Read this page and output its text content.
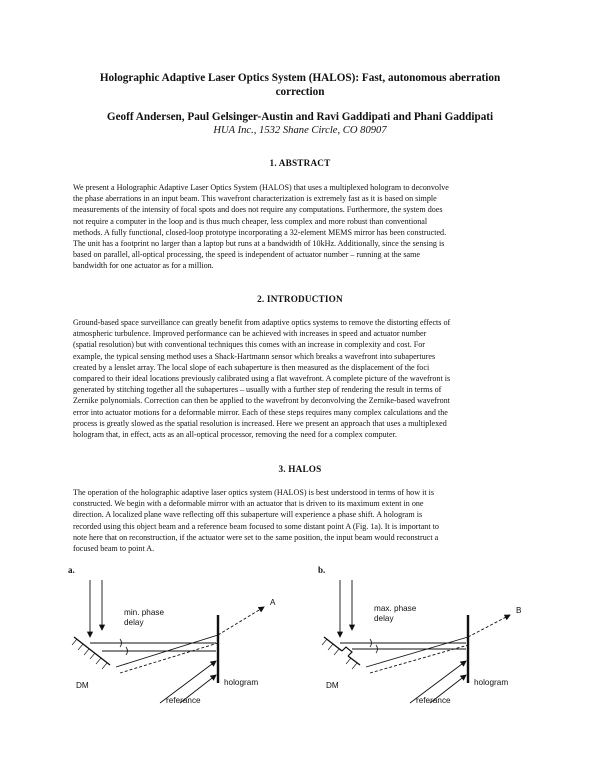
Holographic Adaptive Laser Optics System (HALOS): Fast, autonomous aberration
correction
Geoff Andersen, Paul Gelsinger-Austin and Ravi Gaddipati and Phani Gaddipati
HUA Inc., 1532 Shane Circle, CO 80907
1. ABSTRACT
We present a Holographic Adaptive Laser Optics System (HALOS) that uses a multiplexed hologram to deconvolve
the phase aberrations in an input beam. This wavefront characterization is extremely fast as it is based on simple
measurements of the intensity of focal spots and does not require any computations. Furthermore, the system does
not require a computer in the loop and is thus much cheaper, less complex and more robust than conventional
methods. A fully functional, closed-loop prototype incorporating a 32-element MEMS mirror has been constructed.
The unit has a footprint no larger than a laptop but runs at a bandwidth of 10kHz. Additionally, since the sensing is
based on parallel, all-optical processing, the speed is independent of actuator number – running at the same
bandwidth for one actuator as for a million.
2. INTRODUCTION
Ground-based space surveillance can greatly benefit from adaptive optics systems to remove the distorting effects of
atmospheric turbulence. Improved performance can be achieved with increases in speed and actuator number
(spatial resolution) but with conventional techniques this comes with an increase in complexity and cost. For
example, the typical sensing method uses a Shack-Hartmann sensor which breaks a wavefront into subapertures
created by a lenslet array. The local slope of each subaperture is then measured as the displacement of the foci
compared to their ideal locations previously calibrated using a flat wavefront. A complete picture of the wavefront is
generated by stitching together all the subapertures – usually with a further step of rendering the result in terms of
Zernike polynomials. Correction can then be applied to the wavefront by deconvolving the Zernike-based wavefront
error into actuator motions for a deformable mirror. Each of these steps requires many complex calculations and the
process is greatly slowed as the spatial resolution is increased. Here we present an approach that uses a multiplexed
hologram that, in effect, acts as an all-optical processor, removing the need for a complex computer.
3. HALOS
The operation of the holographic adaptive laser optics system (HALOS) is best understood in terms of how it is
constructed. We begin with a deformable mirror with an actuator that is driven to its maximum extent in one
direction. A localized plane wave reflecting off this subaperture will experience a phase shift. A hologram is
recorded using this object beam and a reference beam focused to some distant point A (Fig. 1a). It is important to
note here that on reconstruction, if the actuator were set to the same position, the input beam would reconstruct a
focused beam to point A.
a.
min. phase
delay
A
DM	hologram
referance
b.
max. phase
delay
B
DM	hologram
referance
